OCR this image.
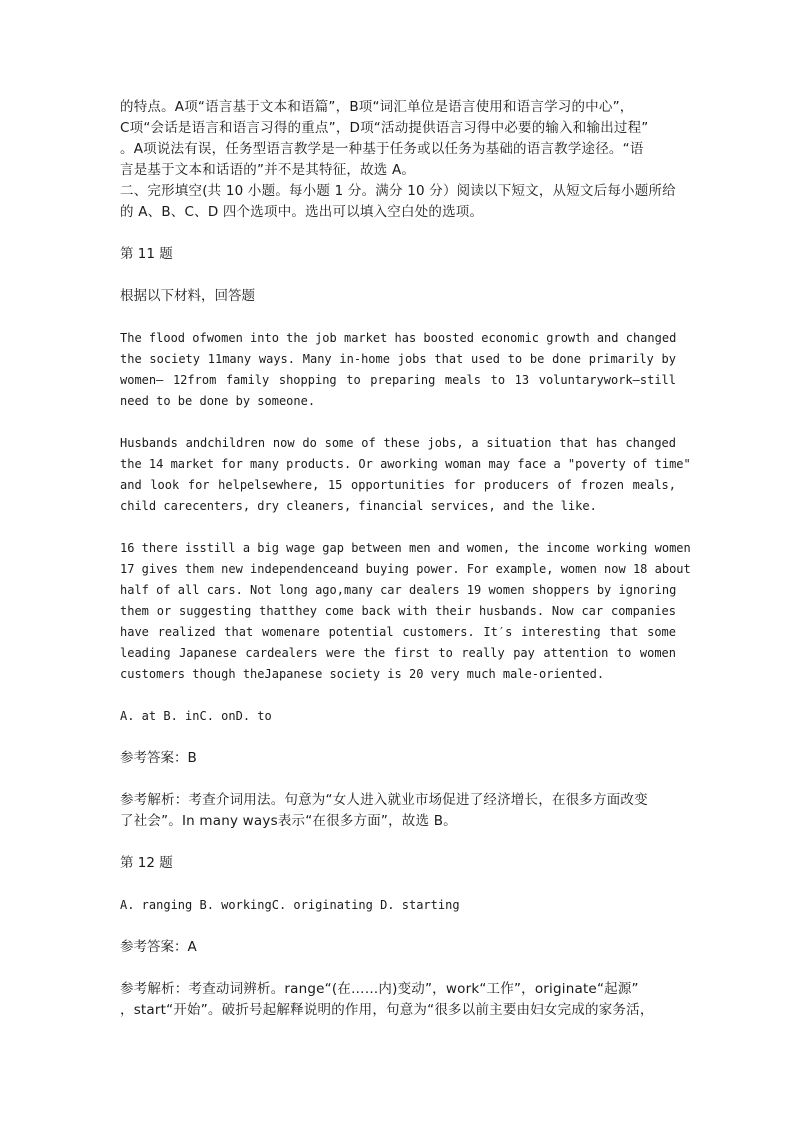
的特点。A项“语言基于文本和语篇”，B项“词汇单位是语言使用和语言学习的中心”，
C项“会话是语言和语言习得的重点”，D项“活动提供语言习得中必要的输入和输出过程”
。A项说法有误，任务型语言教学是一种基于任务或以任务为基础的语言教学途径。“语
言是基于文本和话语的”并不是其特征，故选 A。
二、完形填空(共 10 小题。每小题 1 分。满分 10 分）阅读以下短文，从短文后每小题所给
的 A、B、C、D 四个选项中。选出可以填入空白处的选项。

第 11 题

根据以下材料，回答题

The flood ofwomen into the job market has boosted economic growth and changed
the society 11many ways. Many in-home jobs that used to be done primarily by
women— 12from family shopping to preparing meals to 13 voluntarywork—still
need to be done by someone.
Husbands andchildren now do some of these jobs, a situation that has changed
the 14 market for many products. Or aworking woman may face a "poverty of time"
and look for helpelsewhere, 15 opportunities for producers of frozen meals,
child carecenters, dry cleaners, financial services, and the like.
16 there isstill a big wage gap between men and women, the income working women
17 gives them new independenceand buying power. For example, women now 18 about
half of all cars. Not long ago,many car dealers 19 women shoppers by ignoring
them or suggesting thatthey come back with their husbands. Now car companies
have realized that womenare potential customers. It′s interesting that some
leading Japanese cardealers were the first to really pay attention to women
customers though theJapanese society is 20 very much male-oriented.

A. at B. inC. onD. to

参考答案：B

参考解析：考查介词用法。句意为“女人进入就业市场促进了经济增长，在很多方面改变
了社会”。In many ways表示“在很多方面”，故选 B。

第 12 题

A. ranging B. workingC. originating D. starting

参考答案：A

参考解析：考查动词辨析。range“(在……内)变动”，work“工作”，originate“起源”
，start“开始”。破折号起解释说明的作用，句意为“很多以前主要由妇女完成的家务活，
